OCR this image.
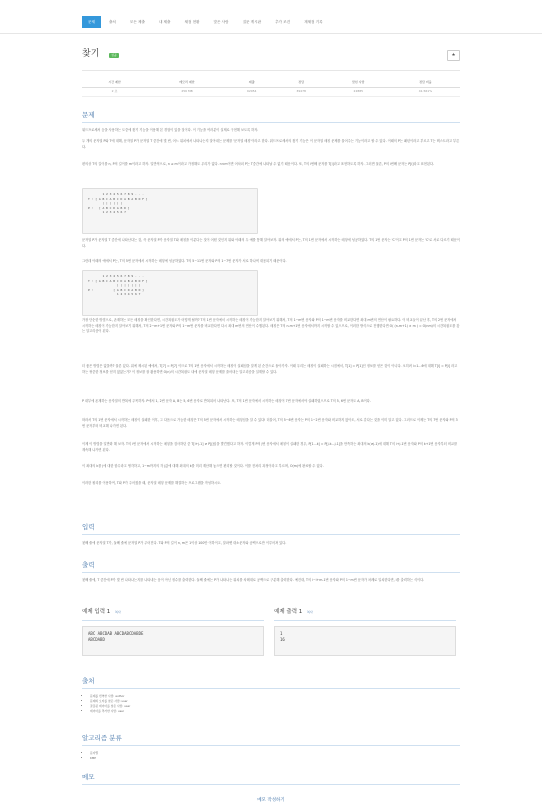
문제	출처	모든 제출	내 제출	채점 현황	맞은 사람	질문 게시판	추가 조건	재채점 기록
찾기	성공	★
시간 제한	메모리 제한	제출	정답	맞힌 사람	정답 비율
2 초	256 MB	92054	39478	22885	41.561%
문제
워드프로세서 등을 사용하는 도중에 찾기 기능을 이용해 본 경험이 있을 것이다. 이 기능을 여러분이 실제로 구현해 보도록 하자.
두 개의 문자열 P와 T에 대해, 문자열 P가 문자열 T 중간에 몇 번, 어느 위치에서 나타나는지 알아내는 문제를 '문자열 매칭'이라고 한다. 워드프로세서의 찾기 기능은 이 문자열 매칭 문제를 풀어주는 기능이라고 할 수 있다. 이때의 P는 패턴이라고 부르고 T는 텍스트라고 부른다.
편의상 T의 길이를 n, P의 길이를 m이라고 하자. 일반적으로, n ≥ m이라고 가정해도 무리가 없다. n<m이면 어차피 P는 T중간에 나타날 수 없기 때문이다. 또, T의 i번째 문자를 T[i]라고 표현하도록 하자. 그러면 물론, P의 i번째 문자는 P[i]라고 표현된다.
1 2 3 4 5 6 7 8 9 . . .
T : [ A B C A B C D A B A B D F ]
| | | | | |
P :   [ A B C D A B D ]
1 2 3 4 5 6 7
문자열 P가 문자열 T 중간에 나타난다는 것, 즉 문자열 P가 문자열 T와 매칭을 이룬다는 것이 어떤 것인지 위와 아래의 두 예를 통해 알아보자. 위의 예에서 P는, T의 1번 문자에서 시작하는 매칭에 성공하였다. T의 1번 문자는 'C'이고 P의 1번 문자는 'C'로 서로 다르기 때문이다.
그런데 아래의 예에서 P는, T의 5번 문자에서 시작하는 매칭에 성공하였다. T의 5~11번 문자와 P의 1~7번 문자가 서로 하나씩 대응되기 때문이다.
1 2 3 4 5 6 7 8 9 . . .
T : [ A B C A B C D A B A B D F ]
| | | | | | |
P :           [ A B C D A B D ]
1 2 3 4 5 6 7
가장 단순한 방법으로, 존재하는 모든 매칭을 확인한다면, 시간복잡도가 어떻게 될까? T의 1번 문자에서 시작하는 매칭이 가능한지 알아보기 위해서, T의 1~m번 문자와 P의 1~m번 문자를 비교한다면 최대 m번의 연산이 필요하다. 이 비교들이 끝난 후, T의 2번 문자에서 시작하는 매칭이 가능한지 알아보기 위해서, T의 2~m+1번 문자와 P의 1~m번 문자를 비교한다면 다시 최대 m번의 연산이 수행된다. 매칭은 T의 n-m+1번 문자에서까지 시작할 수 있으므로, 이러한 방식으로 진행한다면 O( (n-m+1) × m ) = O(nm)의 시간복잡도를 갖는 알고리즘이 된다.
더 좋은 방법은 없을까? 물론 있다. 위에 제시된 예에서, T[7] = P[7] 이므로 T의 1번 문자에서 시작하는 매칭이 실패임을 알게 된 순간으로 돌아가자. 이때 우리는 매칭이 실패하는 시점에서, T[1] = P[1]인 정보를 얻은 것이 아니다. 오히려 i=1...6에 대해 T[i] = P[i] 라고 하는 귀중한 정보를 얻지 않았는가? 이 정보를 잘 활용하면 O(n)의 시간복잡도 내에 문자열 매칭 문제를 풀어내는 알고리즘을 설계할 수 있다.
P 내부에 존재하는 문자열의 반복에 주목하자. P에서 1, 2번 문자 A, B는 5, 6번 문자로 반복되어 나타난다. 또, T의 1번 문자에서 시작하는 매칭이 7번 문자에서야 실패하였으므로 T의 5, 6번 문자도 A, B이다.
따라서 T의 1번 문자에서 시작하는 매칭이 실패한 이후, 그 다음으로 가능한 매칭은 T의 5번 문자에서 시작하는 매칭임을 알 수 있다! 더불어, T의 5~6번 문자는 P의 1~2번 문자와 비교하지 않아도, 서로 같다는 것을 이미 알고 있다. 그러므로 이제는 T의 7번 문자와 P의 3번 문자부터 비교해 나가면 된다.
이제 이 방법을 일반화 해 보자. T의 i번 문자에서 시작하는 매칭을 검사하던 중 T[i+j-1] ≠ P[j]임을 발견했다고 하자. 이렇게 P의 j번 문자에서 매칭이 실패한 경우, P[1...k] = P[j-k...j-1]을 만족하는 최대의 k(≠j-1)에 대해 T의 i+j-1번 문자와 P의 k+1번 문자부터 비교를 계속해 나가면 된다.
이 최대의 k를 j에 대한 함수라고 생각하고, 1~m까지의 각 j값에 대해 최대의 k를 미리 계산해 놓으면 편리할 것이다. 이를 전처리 과정이라고 부르며, O(m)에 완료할 수 있다.
이러한 원리를 이용하여, T와 P가 주어졌을 때, 문자열 매칭 문제를 해결하는 프로그램을 작성하시오.
입력
첫째 줄에 문자열 T가, 둘째 줄에 문자열 P가 주어진다. T와 P의 길이 n, m은 1이상 100만 이하이고, 알파벳 대소문자와 공백으로만 이루어져 있다.
출력
첫째 줄에, T 중간에 P가 몇 번 나타나는지를 나타내는 음이 아닌 정수를 출력한다. 둘째 줄에는 P가 나타나는 위치를 차례대로 공백으로 구분해 출력한다. 예컨대, T의 i~i+m-1번 문자와 P의 1~m번 문자가 차례로 일치한다면, i를 출력하는 식이다.
예제 입력 1 복사	예제 출력 1 복사
ABC ABCDAB ABCDABCDABDE
ABCDABD
1
16
출처
• 문제를 번역한 사람: author
• 문제의 오타를 찾은 사람: user
• 잘못된 데이터를 찾은 사람: user
• 데이터를 추가한 사람: user
알고리즘 분류
• 문자열
• KMP
메모
메모 작성하기
